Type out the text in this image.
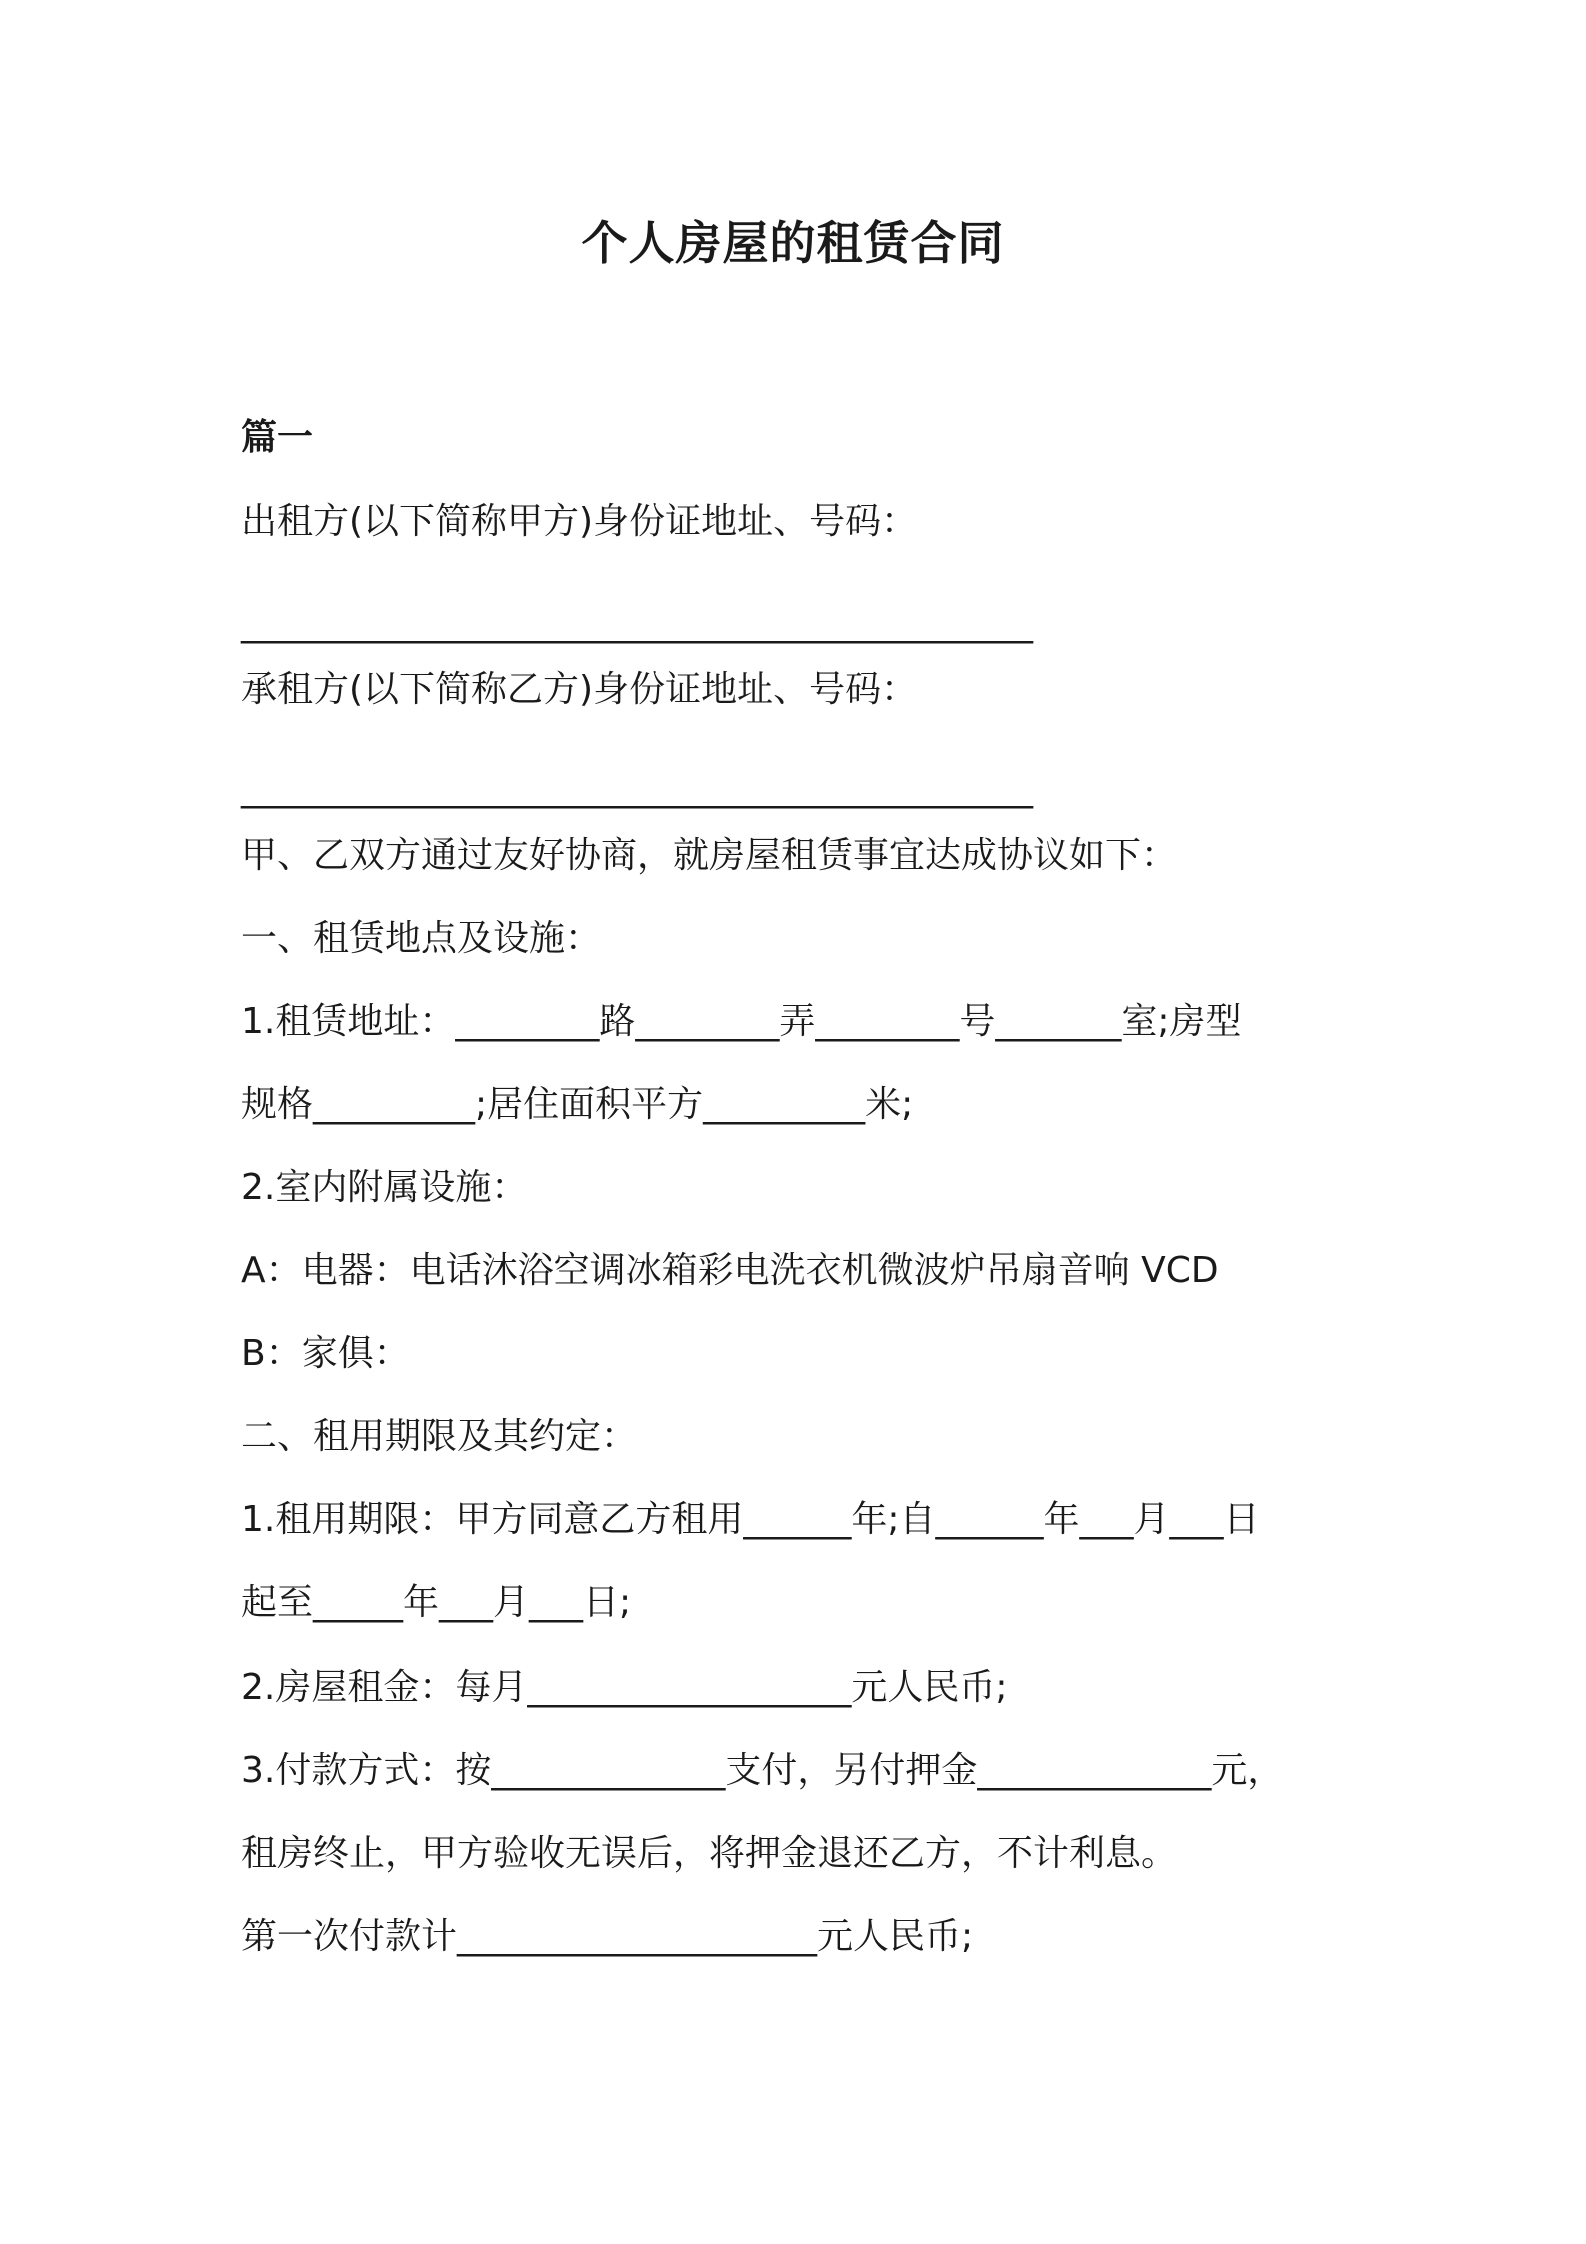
个人房屋的租赁合同
篇一
出租方(以下简称甲方)身份证地址、号码：
____________________________________________
承租方(以下简称乙方)身份证地址、号码：
____________________________________________
甲、乙双方通过友好协商，就房屋租赁事宜达成协议如下：
一、租赁地点及设施：
1.租赁地址：________路________弄________号_______室;房型
规格_________;居住面积平方_________米;
2.室内附属设施：
A：电器：电话沐浴空调冰箱彩电洗衣机微波炉吊扇音响 VCD
B：家俱：
二、租用期限及其约定：
1.租用期限：甲方同意乙方租用______年;自______年___月___日
起至_____年___月___日;
2.房屋租金：每月__________________元人民币;
3.付款方式：按_____________支付，另付押金_____________元，
租房终止，甲方验收无误后，将押金退还乙方，不计利息。
第一次付款计____________________元人民币;
